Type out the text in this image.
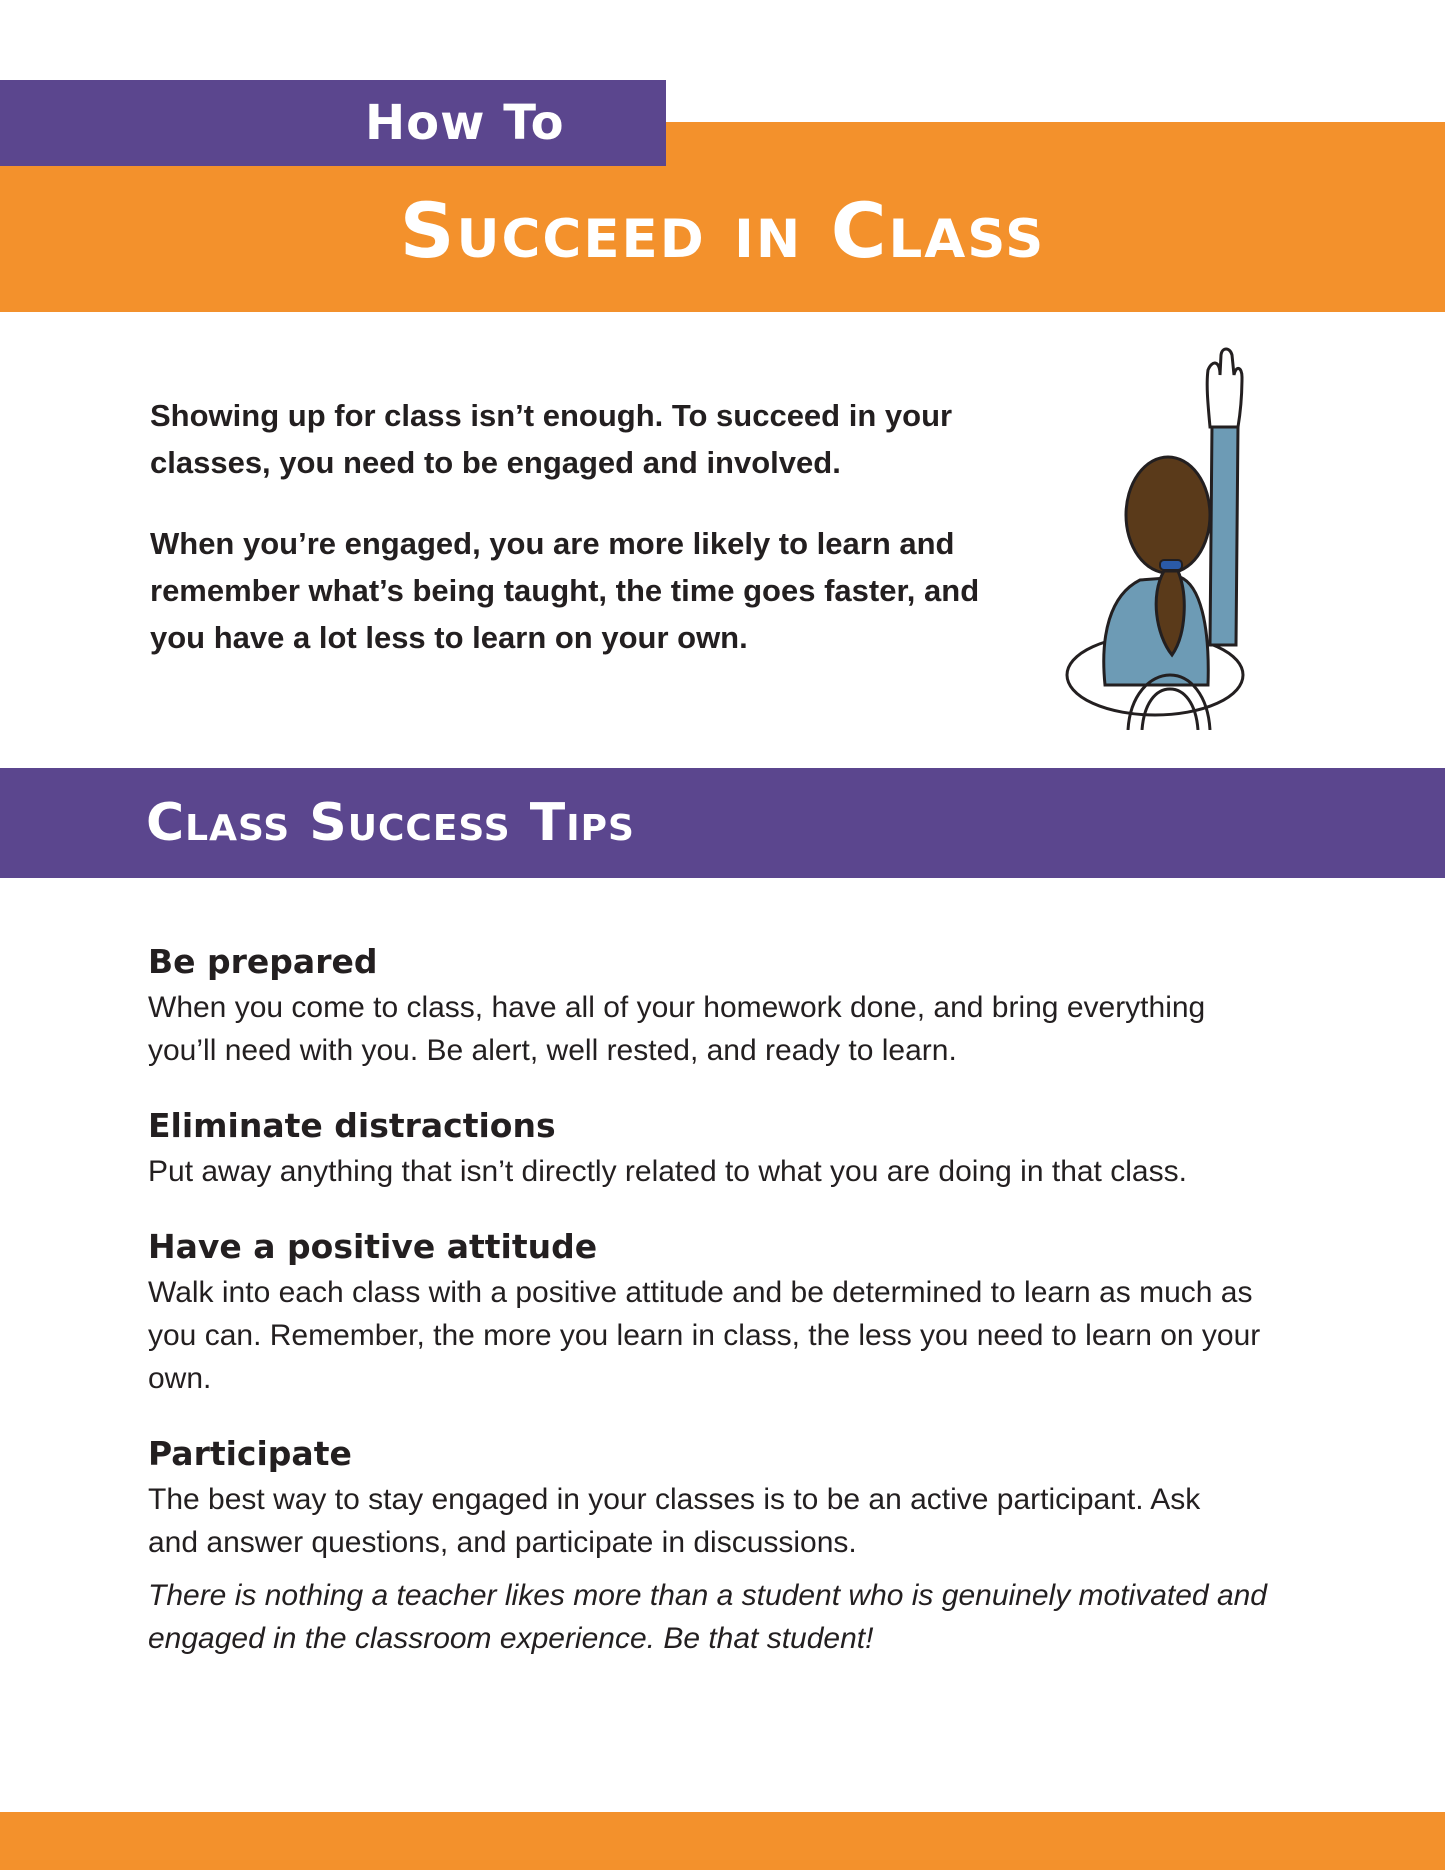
How To
Succeed in Class

Showing up for class isn’t enough. To succeed in your classes, you need to be engaged and involved.

When you’re engaged, you are more likely to learn and remember what’s being taught, the time goes faster, and you have a lot less to learn on your own.

Class Success Tips
Be prepared

When you come to class, have all of your homework done, and bring everything you’ll need with you. Be alert, well rested, and ready to learn.

Eliminate distractions

Put away anything that isn’t directly related to what you are doing in that class.

Have a positive attitude

Walk into each class with a positive attitude and be determined to learn as much as you can. Remember, the more you learn in class, the less you need to learn on your own.

Participate

The best way to stay engaged in your classes is to be an active participant. Ask and answer questions, and participate in discussions.

There is nothing a teacher likes more than a student who is genuinely motivated and engaged in the classroom experience. Be that student!
